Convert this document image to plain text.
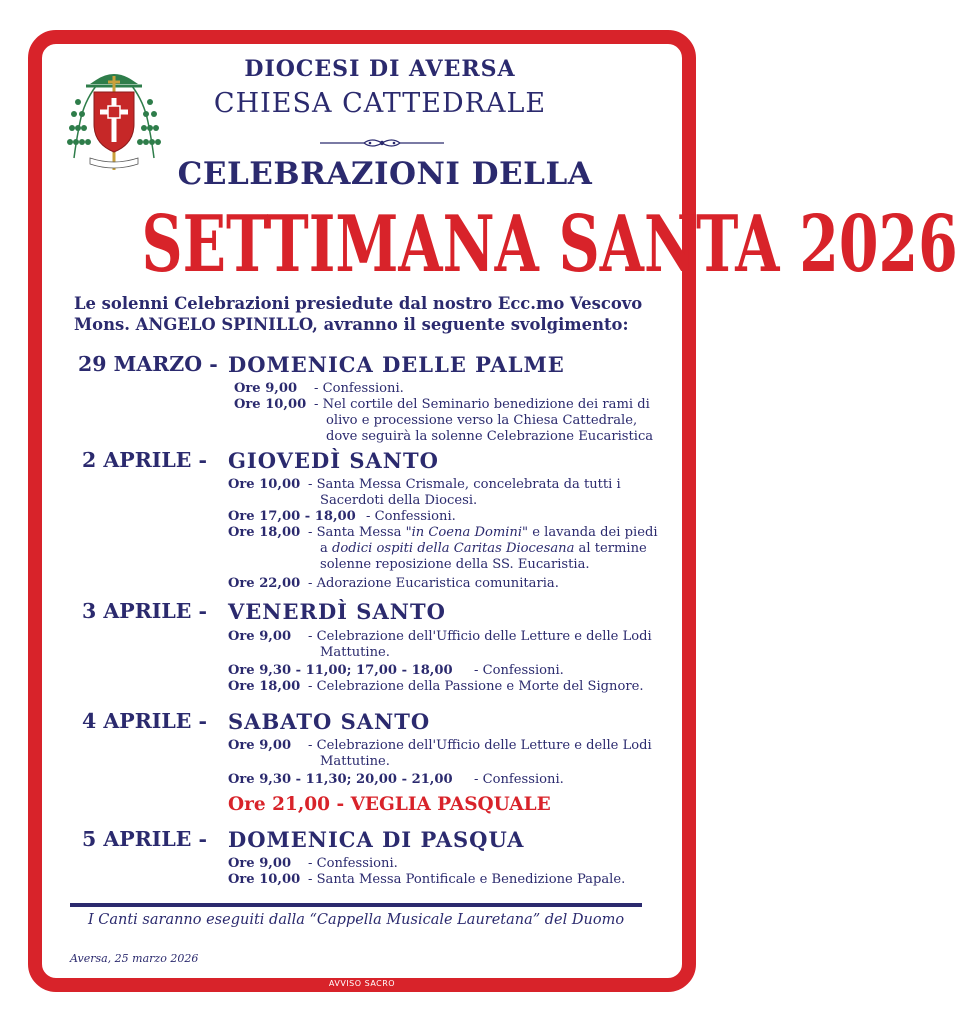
DIOCESI DI AVERSA
CHIESA CATTEDRALE
CELEBRAZIONI DELLA
SETTIMANA SANTA 2026
Le solenni Celebrazioni presiedute dal nostro Ecc.mo Vescovo
Mons. ANGELO SPINILLO, avranno il seguente svolgimento:
29 MARZO - DOMENICA DELLE PALME
Ore 9,00 - Confessioni.
Ore 10,00 - Nel cortile del Seminario benedizione dei rami di
olivo e processione verso la Chiesa Cattedrale,
dove seguirà la solenne Celebrazione Eucaristica
2 APRILE - GIOVEDÌ SANTO
Ore 10,00 - Santa Messa Crismale, concelebrata da tutti i
Sacerdoti della Diocesi.
Ore 17,00 - 18,00 - Confessioni.
Ore 18,00 - Santa Messa "in Coena Domini" e lavanda dei piedi
a dodici ospiti della Caritas Diocesana al termine
solenne reposizione della SS. Eucaristia.
Ore 22,00 - Adorazione Eucaristica comunitaria.
3 APRILE - VENERDÌ SANTO
Ore 9,00 - Celebrazione dell'Ufficio delle Letture e delle Lodi
Mattutine.
Ore 9,30 - 11,00; 17,00 - 18,00 - Confessioni.
Ore 18,00 - Celebrazione della Passione e Morte del Signore.
4 APRILE - SABATO SANTO
Ore 9,00 - Celebrazione dell'Ufficio delle Letture e delle Lodi
Mattutine.
Ore 9,30 - 11,30; 20,00 - 21,00 - Confessioni.
Ore 21,00 - VEGLIA PASQUALE
5 APRILE - DOMENICA DI PASQUA
Ore 9,00 - Confessioni.
Ore 10,00 - Santa Messa Pontificale e Benedizione Papale.
I Canti saranno eseguiti dalla “Cappella Musicale Lauretana” del Duomo
Aversa, 25 marzo 2026
AVVISO SACRO
